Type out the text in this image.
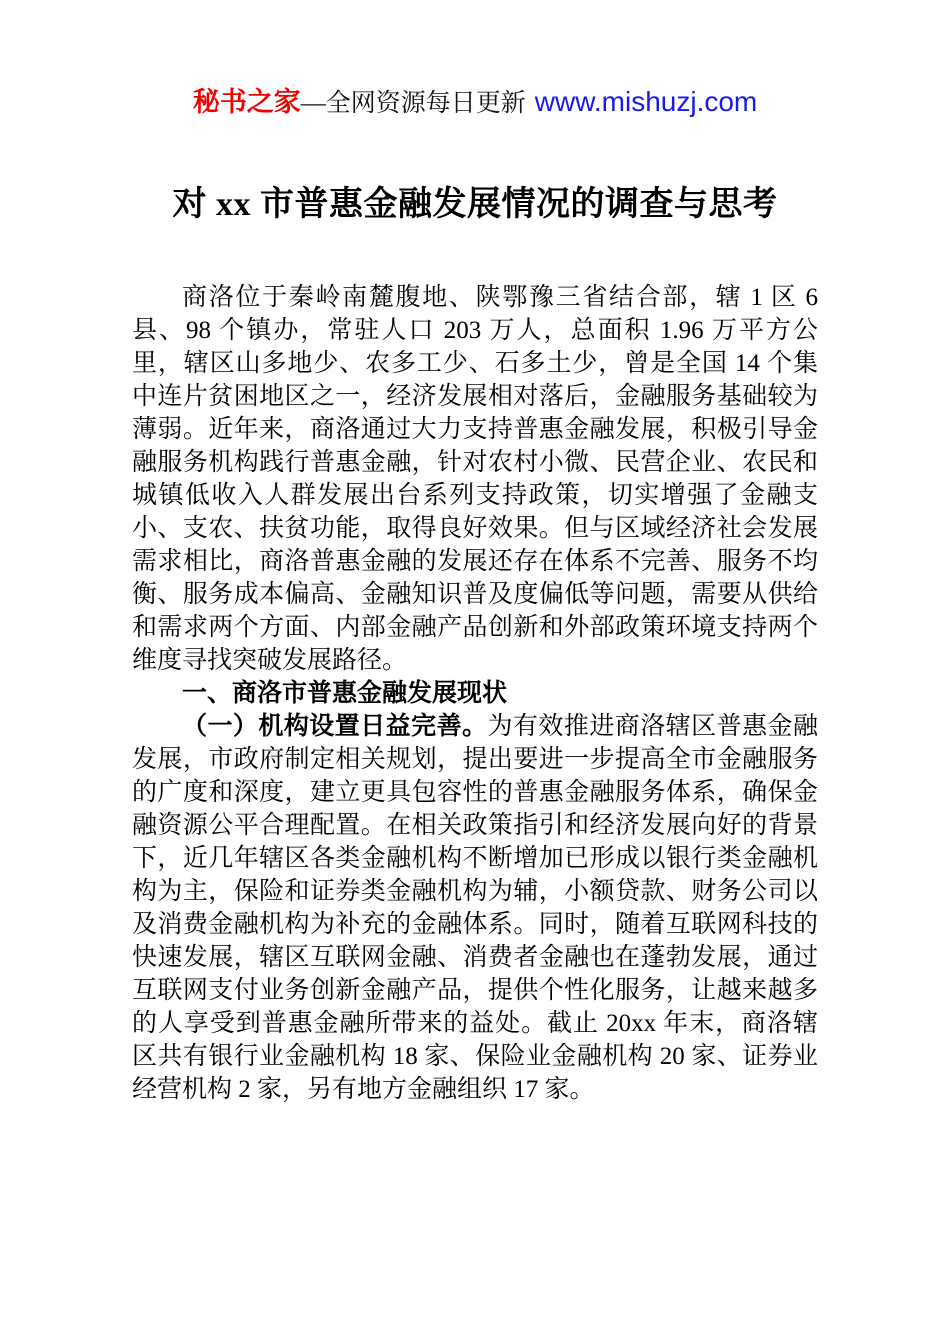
秘书之家—全网资源每日更新 www.mishuzj.com
对 xx 市普惠金融发展情况的调查与思考

商洛位于秦岭南麓腹地、陕鄂豫三省结合部，辖 1 区 6 县、98 个镇办，常驻人口 203 万人，总面积 1.96 万平方公里，辖区山多地少、农多工少、石多土少，曾是全国 14 个集中连片贫困地区之一，经济发展相对落后，金融服务基础较为薄弱。近年来，商洛通过大力支持普惠金融发展，积极引导金融服务机构践行普惠金融，针对农村小微、民营企业、农民和城镇低收入人群发展出台系列支持政策，切实增强了金融支小、支农、扶贫功能，取得良好效果。但与区域经济社会发展需求相比，商洛普惠金融的发展还存在体系不完善、服务不均衡、服务成本偏高、金融知识普及度偏低等问题，需要从供给和需求两个方面、内部金融产品创新和外部政策环境支持两个维度寻找突破发展路径。

一、商洛市普惠金融发展现状

（一）机构设置日益完善。为有效推进商洛辖区普惠金融发展，市政府制定相关规划，提出要进一步提高全市金融服务的广度和深度，建立更具包容性的普惠金融服务体系，确保金融资源公平合理配置。在相关政策指引和经济发展向好的背景下，近几年辖区各类金融机构不断增加已形成以银行类金融机构为主，保险和证券类金融机构为辅，小额贷款、财务公司以及消费金融机构为补充的金融体系。同时，随着互联网科技的快速发展，辖区互联网金融、消费者金融也在蓬勃发展，通过互联网支付业务创新金融产品，提供个性化服务，让越来越多的人享受到普惠金融所带来的益处。截止 20xx 年末，商洛辖区共有银行业金融机构 18 家、保险业金融机构 20 家、证券业经营机构 2 家，另有地方金融组织 17 家。
